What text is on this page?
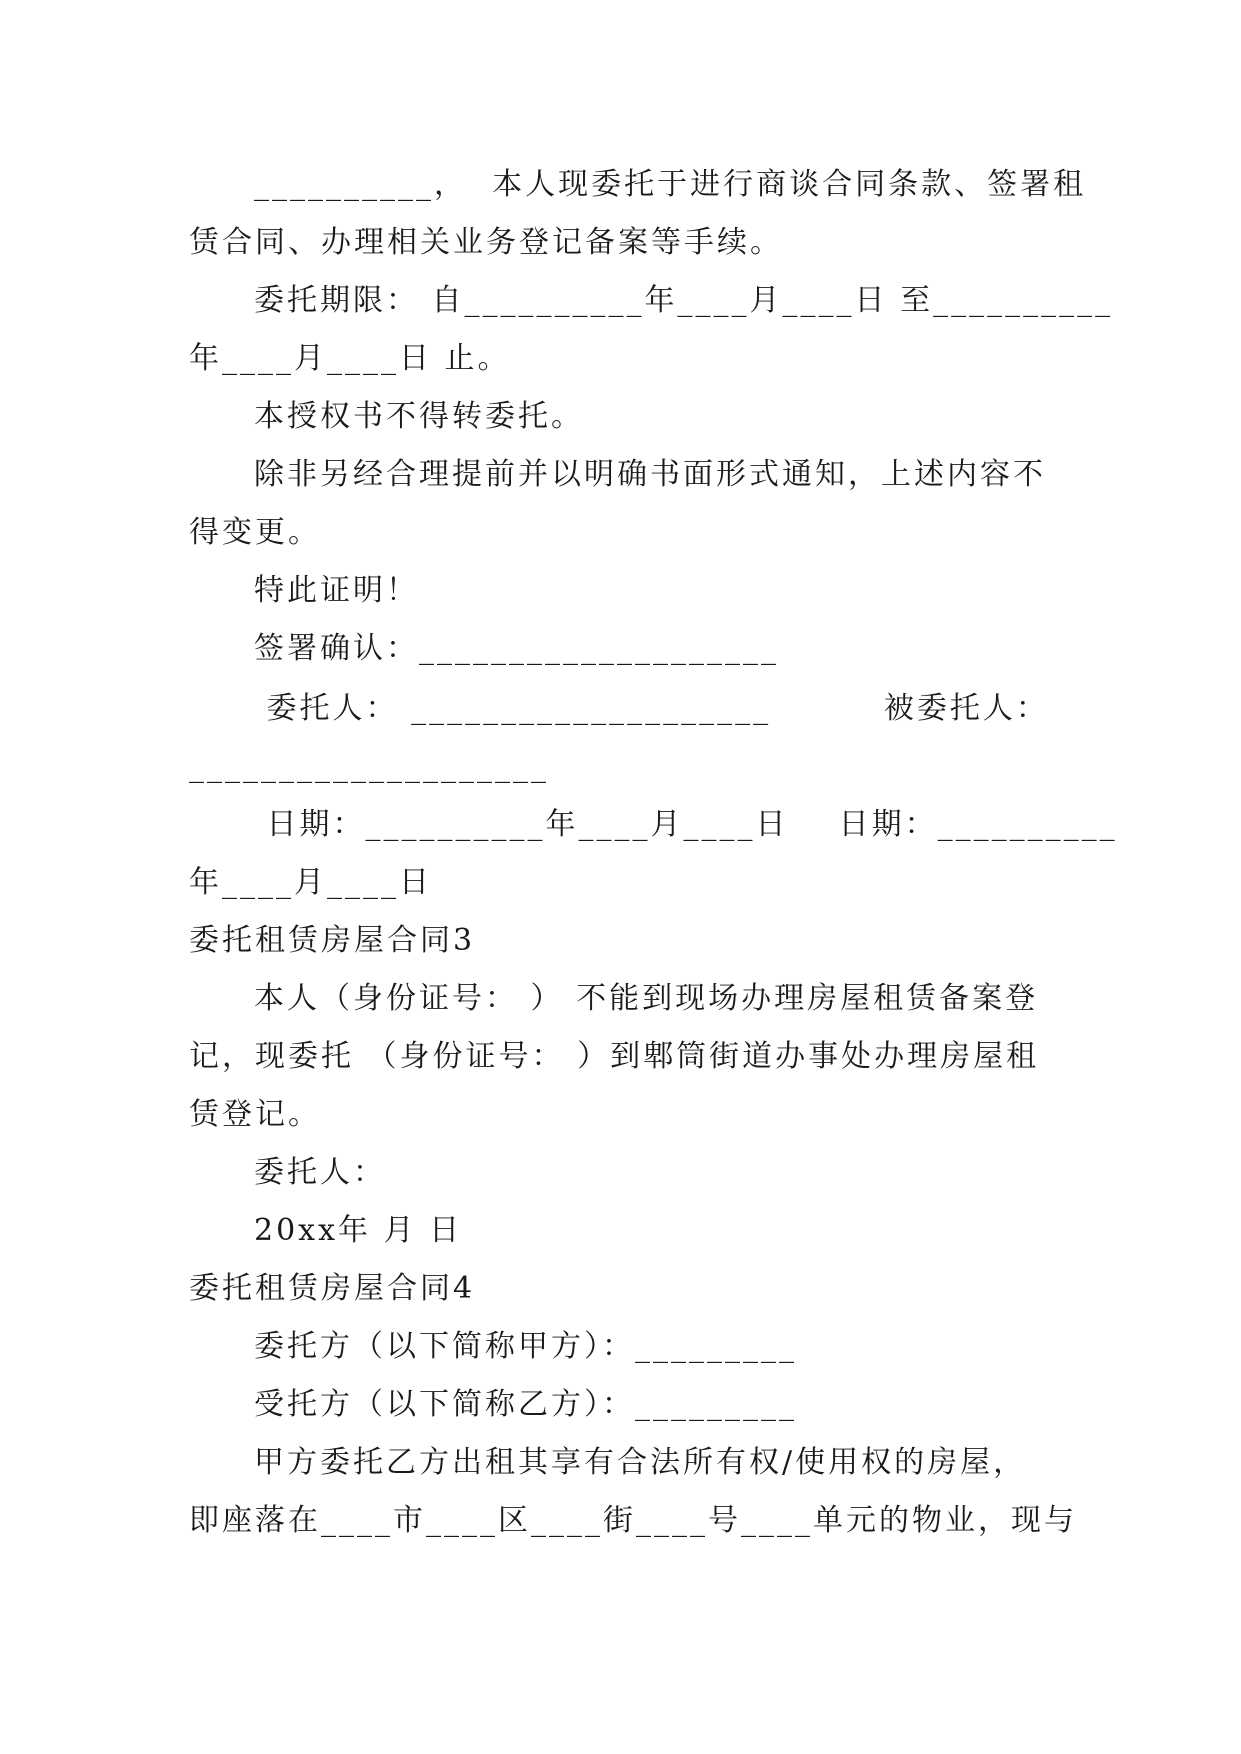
__________，  本人现委托于进行商谈合同条款、签署租
赁合同、办理相关业务登记备案等手续。
委托期限： 自__________年____月____日 至__________
年____月____日 止。
本授权书不得转委托。
除非另经合理提前并以明确书面形式通知，上述内容不
得变更。
特此证明！
签署确认：____________________
委托人： ____________________         被委托人：
____________________
日期：__________年____月____日    日期：__________
年____月____日
委托租赁房屋合同3
本人（身份证号： ） 不能到现场办理房屋租赁备案登
记，现委托 （身份证号： ）到郫筒街道办事处办理房屋租
赁登记。
委托人：
20xx年 月 日
委托租赁房屋合同4
委托方（以下简称甲方）：_________
受托方（以下简称乙方）：_________
甲方委托乙方出租其享有合法所有权/使用权的房屋，
即座落在____市____区____街____号____单元的物业，现与
